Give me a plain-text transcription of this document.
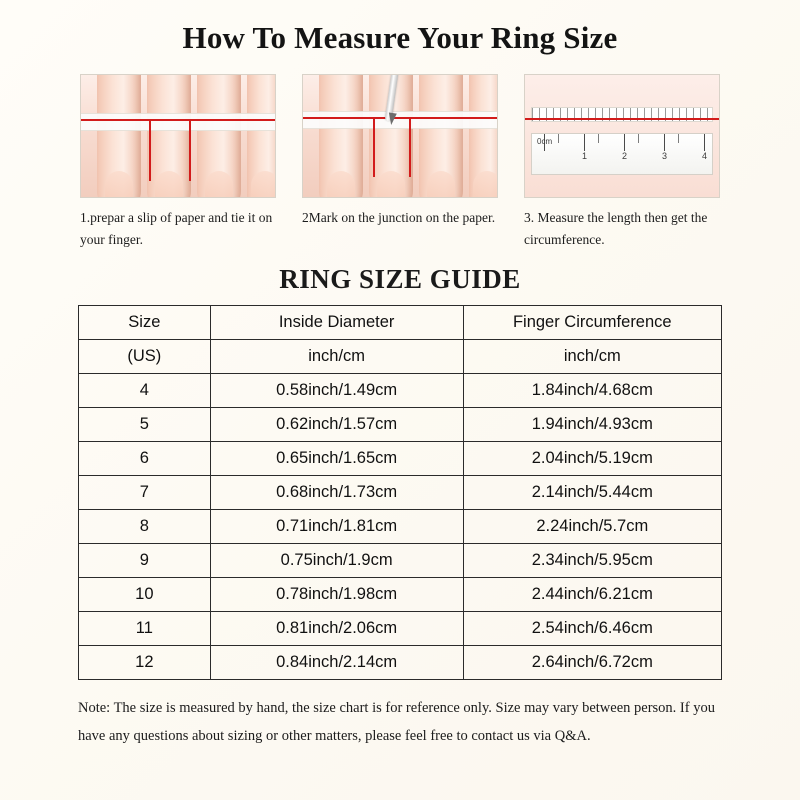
How To Measure Your Ring Size
1.prepar a slip of paper and tie it on your finger.
2Mark on the junction on the paper.
1	2	3	4
0cm
3. Measure the length then get the circumference.
RING SIZE GUIDE
Size	Inside Diameter	Finger Circumference
(US)	inch/cm	inch/cm
4	0.58inch/1.49cm	1.84inch/4.68cm
5	0.62inch/1.57cm	1.94inch/4.93cm
6	0.65inch/1.65cm	2.04inch/5.19cm
7	0.68inch/1.73cm	2.14inch/5.44cm
8	0.71inch/1.81cm	2.24inch/5.7cm
9	0.75inch/1.9cm	2.34inch/5.95cm
10	0.78inch/1.98cm	2.44inch/6.21cm
11	0.81inch/2.06cm	2.54inch/6.46cm
12	0.84inch/2.14cm	2.64inch/6.72cm
Note: The size is measured by hand, the size chart is for reference only. Size may vary between person. If you have any questions about sizing or other matters, please feel free to contact us via Q&A.
